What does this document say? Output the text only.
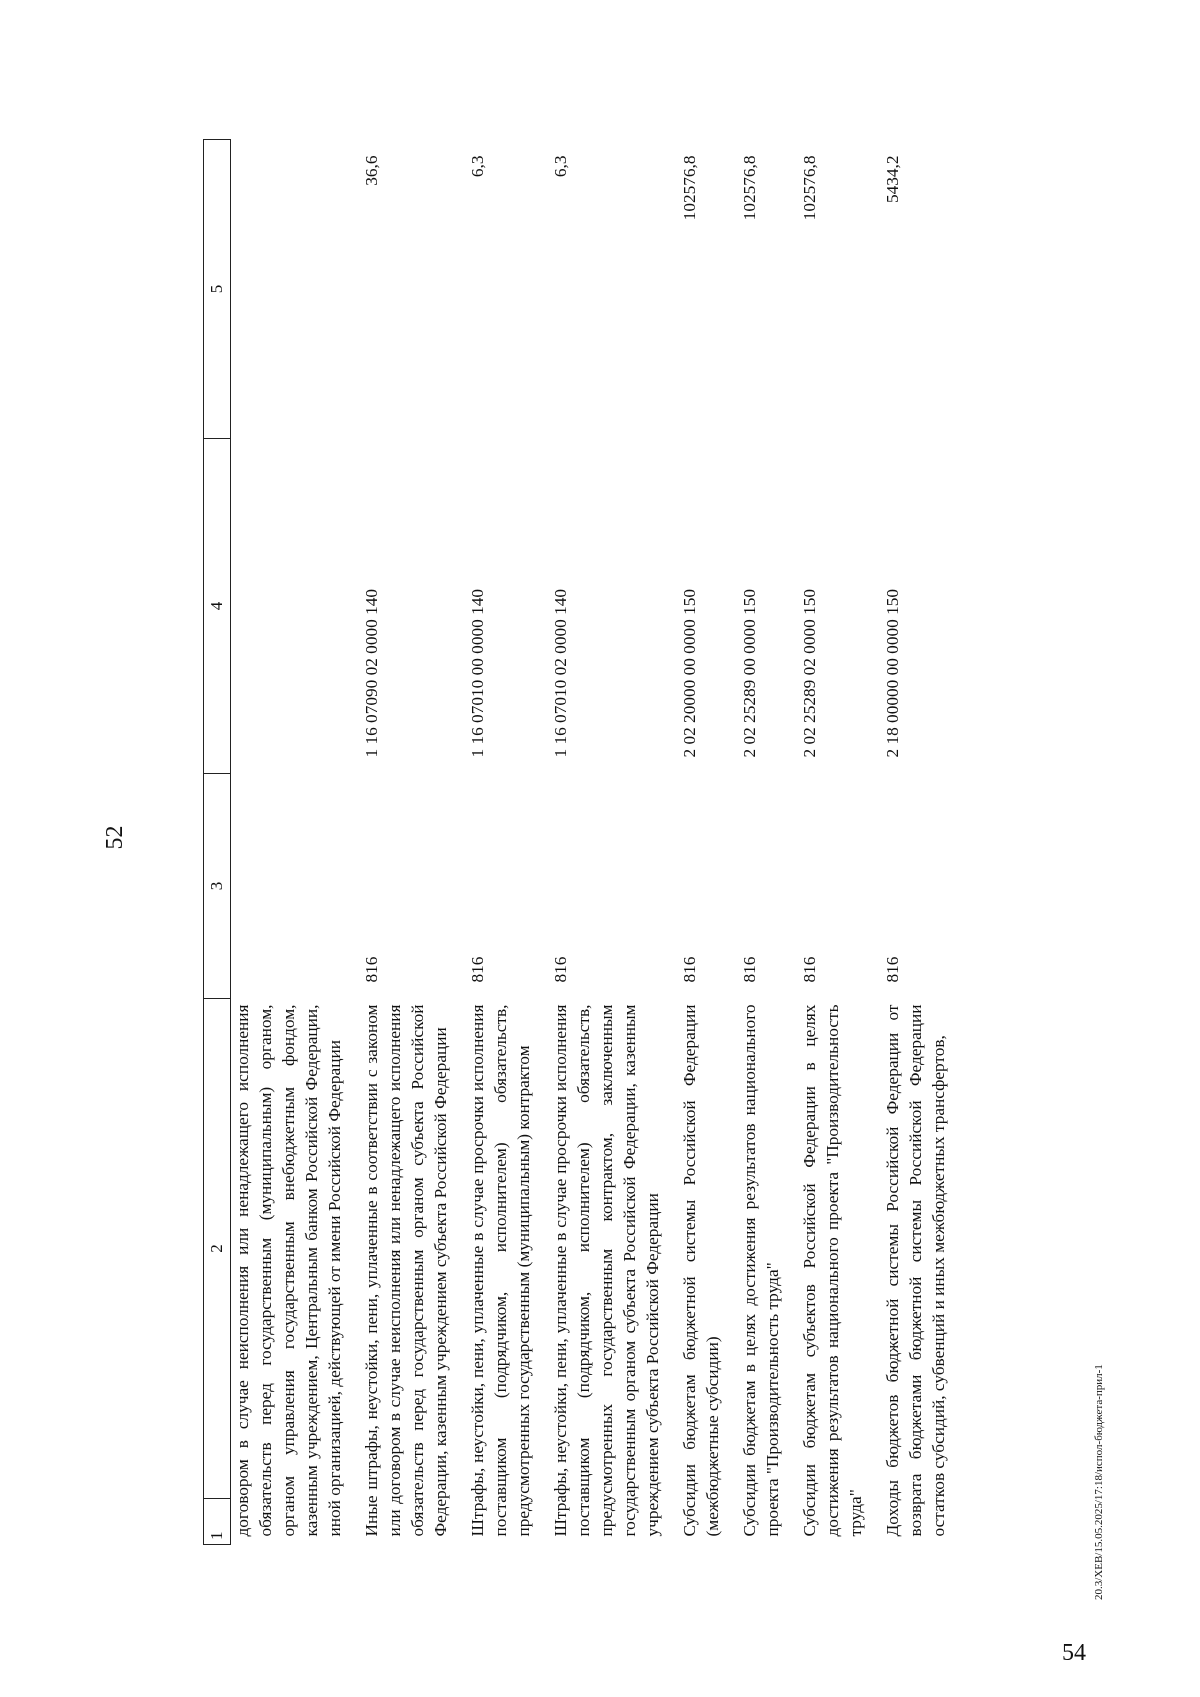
52
1	2	3	4	5
договором в случае неисполнения или ненадлежащего исполнения обязательств перед государственным (муниципальным) органом, органом управления государственным внебюджетным фондом, казенным учреждением, Центральным банком Российской Федерации, иной организацией, действующей от имени Российской Федерации				
Иные штрафы, неустойки, пени, уплаченные в соответствии с законом или договором в случае неисполнения или ненадлежащего исполнения обязательств перед государственным органом субъекта Российской Федерации, казенным учреждением субъекта Российской Федерации		816	1 16 07090 02 0000 140	36,6
Штрафы, неустойки, пени, уплаченные в случае просрочки исполнения поставщиком (подрядчиком, исполнителем) обязательств, предусмотренных государственным (муниципальным) контрактом		816	1 16 07010 00 0000 140	6,3
Штрафы, неустойки, пени, уплаченные в случае просрочки исполнения поставщиком (подрядчиком, исполнителем) обязательств, предусмотренных государственным контрактом, заключенным государственным органом субъекта Российской Федерации, казенным учреждением субъекта Российской Федерации		816	1 16 07010 02 0000 140	6,3
Субсидии бюджетам бюджетной системы Российской Федерации (межбюджетные субсидии)		816	2 02 20000 00 0000 150	102576,8
Субсидии бюджетам в целях достижения результатов национального проекта "Производительность труда"		816	2 02 25289 00 0000 150	102576,8
Субсидии бюджетам субъектов Российской Федерации в целях достижения результатов национального проекта "Производительность труда"		816	2 02 25289 02 0000 150	102576,8
Доходы бюджетов бюджетной системы Российской Федерации от возврата бюджетами бюджетной системы Российской Федерации остатков субсидий, субвенций и иных межбюджетных трансфертов,		816	2 18 00000 00 0000 150	5434,2
54
20.3/ХЕВ/15.05.2025/17:18/испол-бюджета-прил-1
